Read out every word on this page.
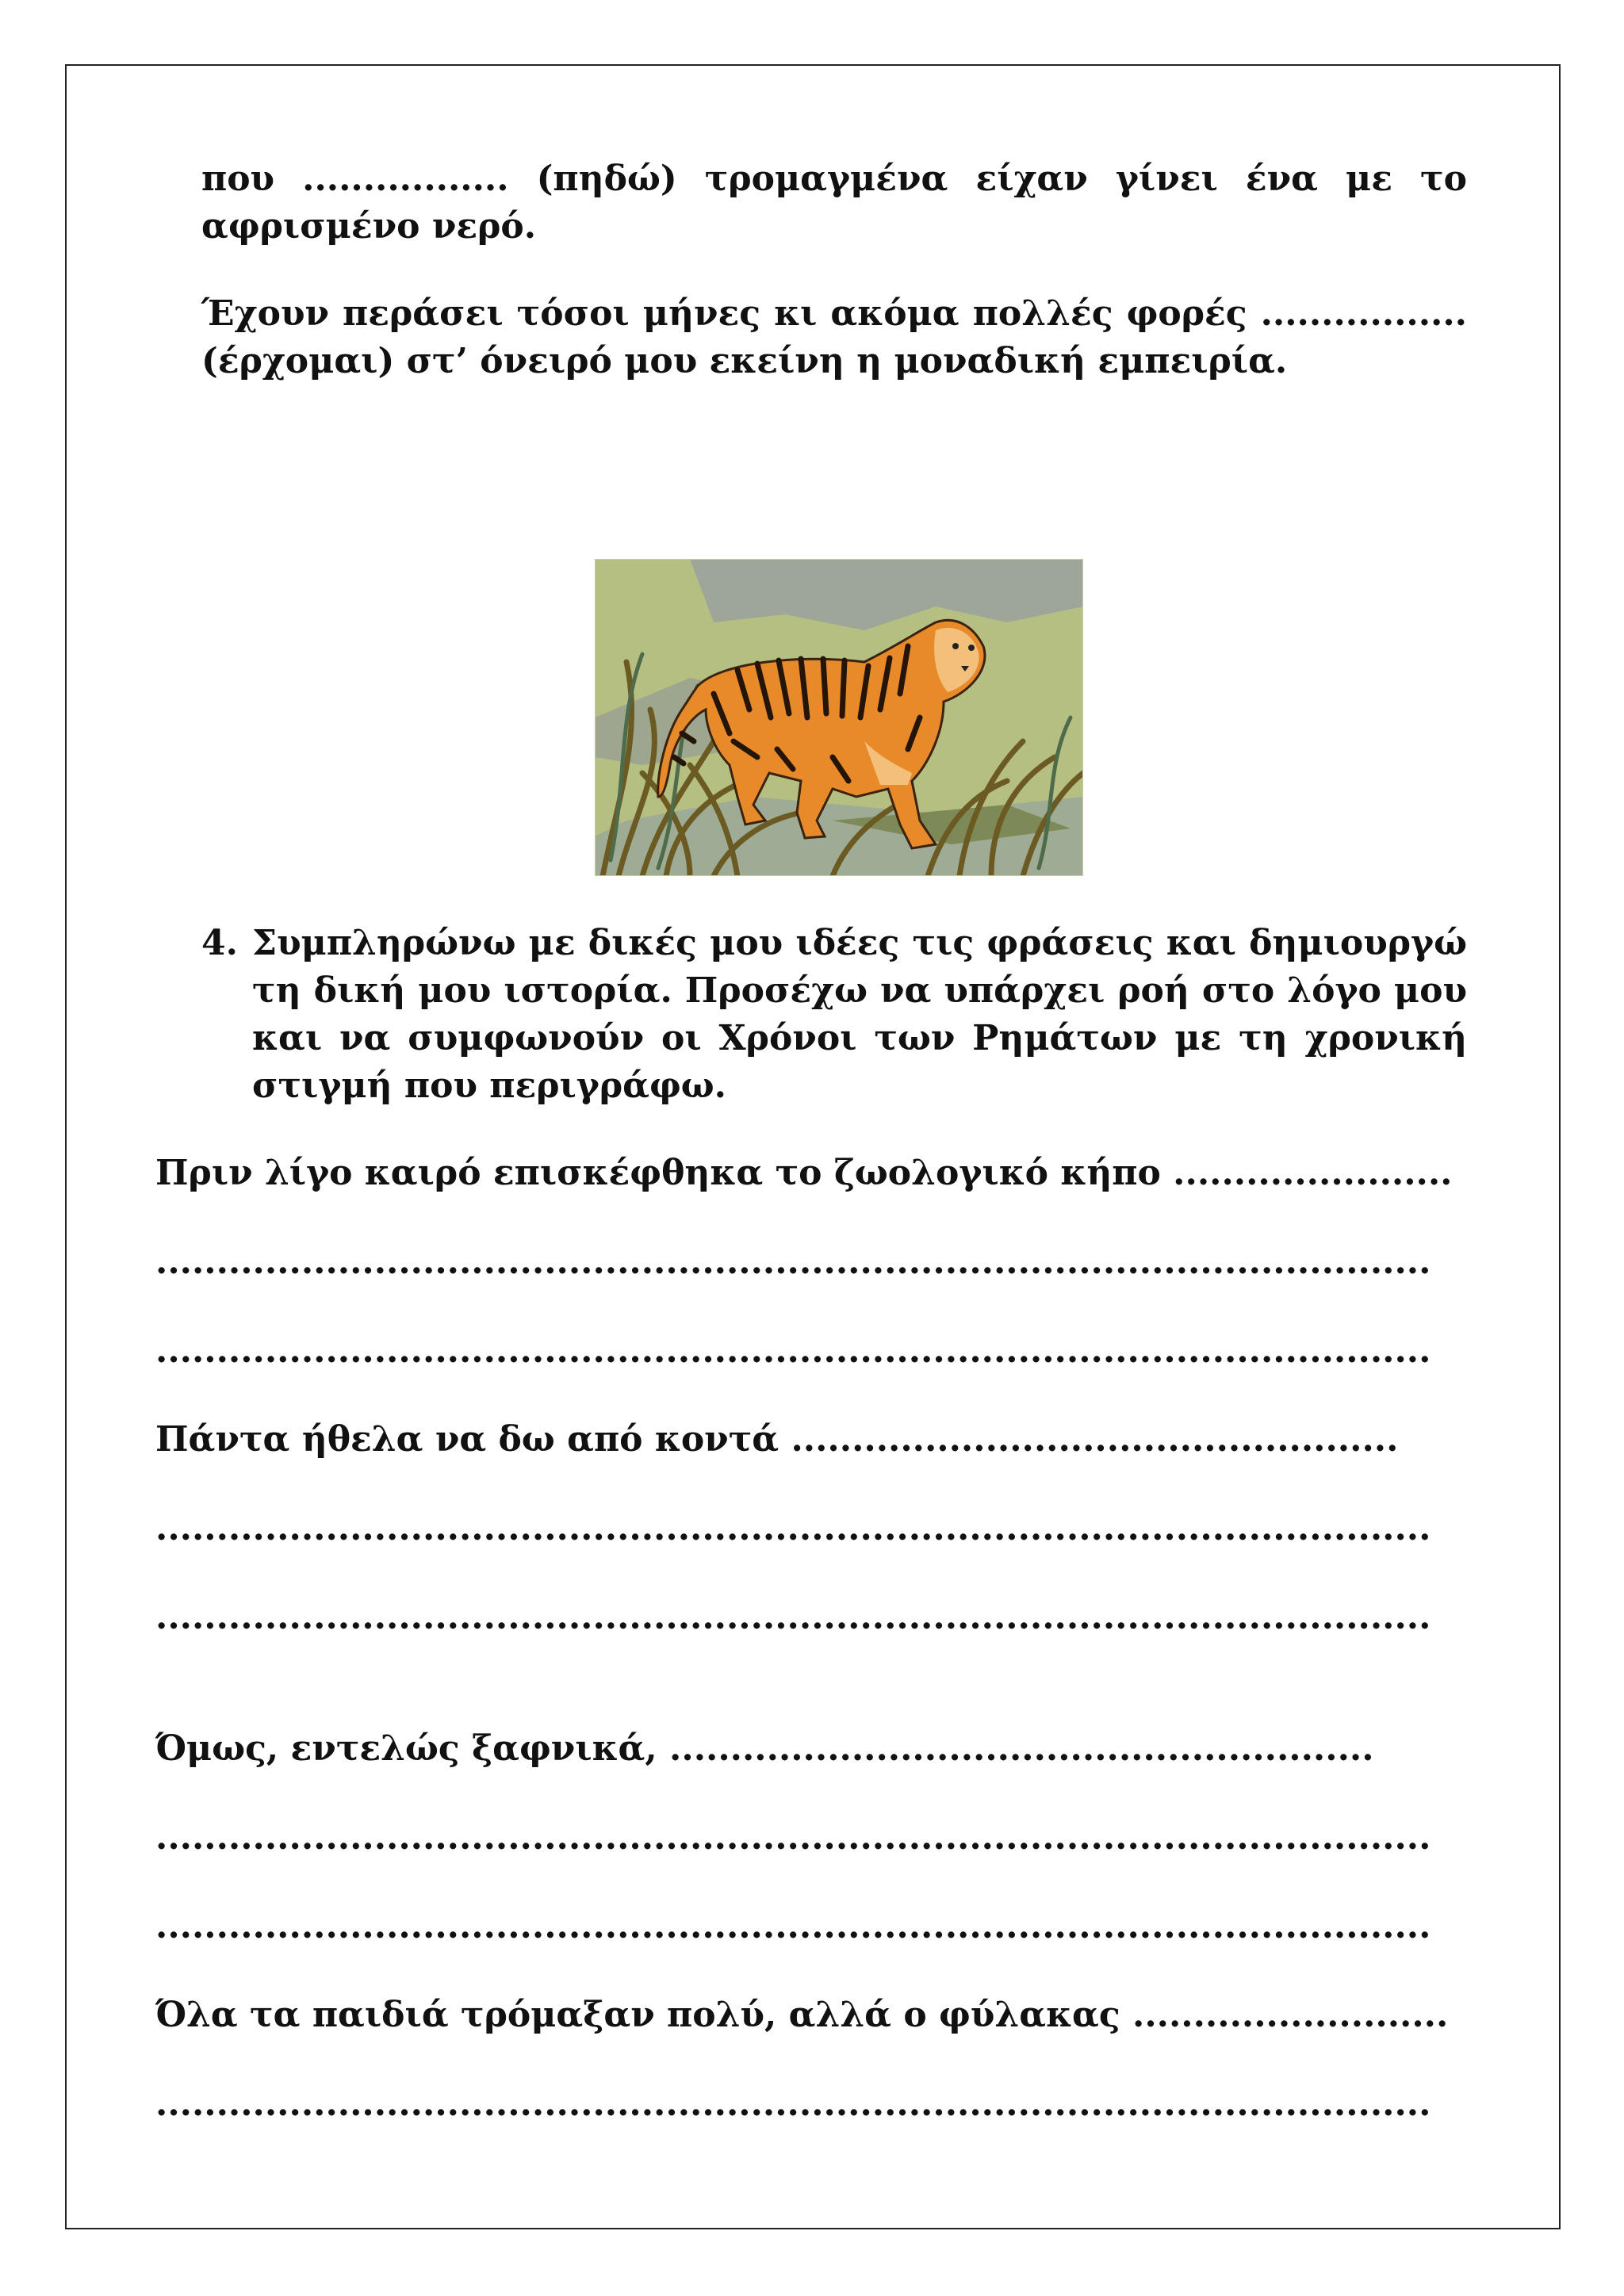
που ................. (πηδώ) τρομαγμένα είχαν γίνει ένα με το
αφρισμένο νερό.
Έχουν περάσει τόσοι μήνες κι ακόμα πολλές φορές .................
(έρχομαι) στ’ όνειρό μου εκείνη η μοναδική εμπειρία.
4. Συμπληρώνω με δικές μου ιδέες τις φράσεις και δημιουργώ
τη δική μου ιστορία. Προσέχω να υπάρχει ροή στο λόγο μου
και να συμφωνούν οι Χρόνοι των Ρημάτων με τη χρονική
στιγμή που περιγράφω.
Πριν λίγο καιρό επισκέφθηκα το ζωολογικό κήπο .......................
.........................................................................................................
.........................................................................................................
Πάντα ήθελα να δω από κοντά ..................................................
.........................................................................................................
.........................................................................................................
Όμως, εντελώς ξαφνικά, ..........................................................
.........................................................................................................
.........................................................................................................
Όλα τα παιδιά τρόμαξαν πολύ, αλλά ο φύλακας ..........................
.........................................................................................................
